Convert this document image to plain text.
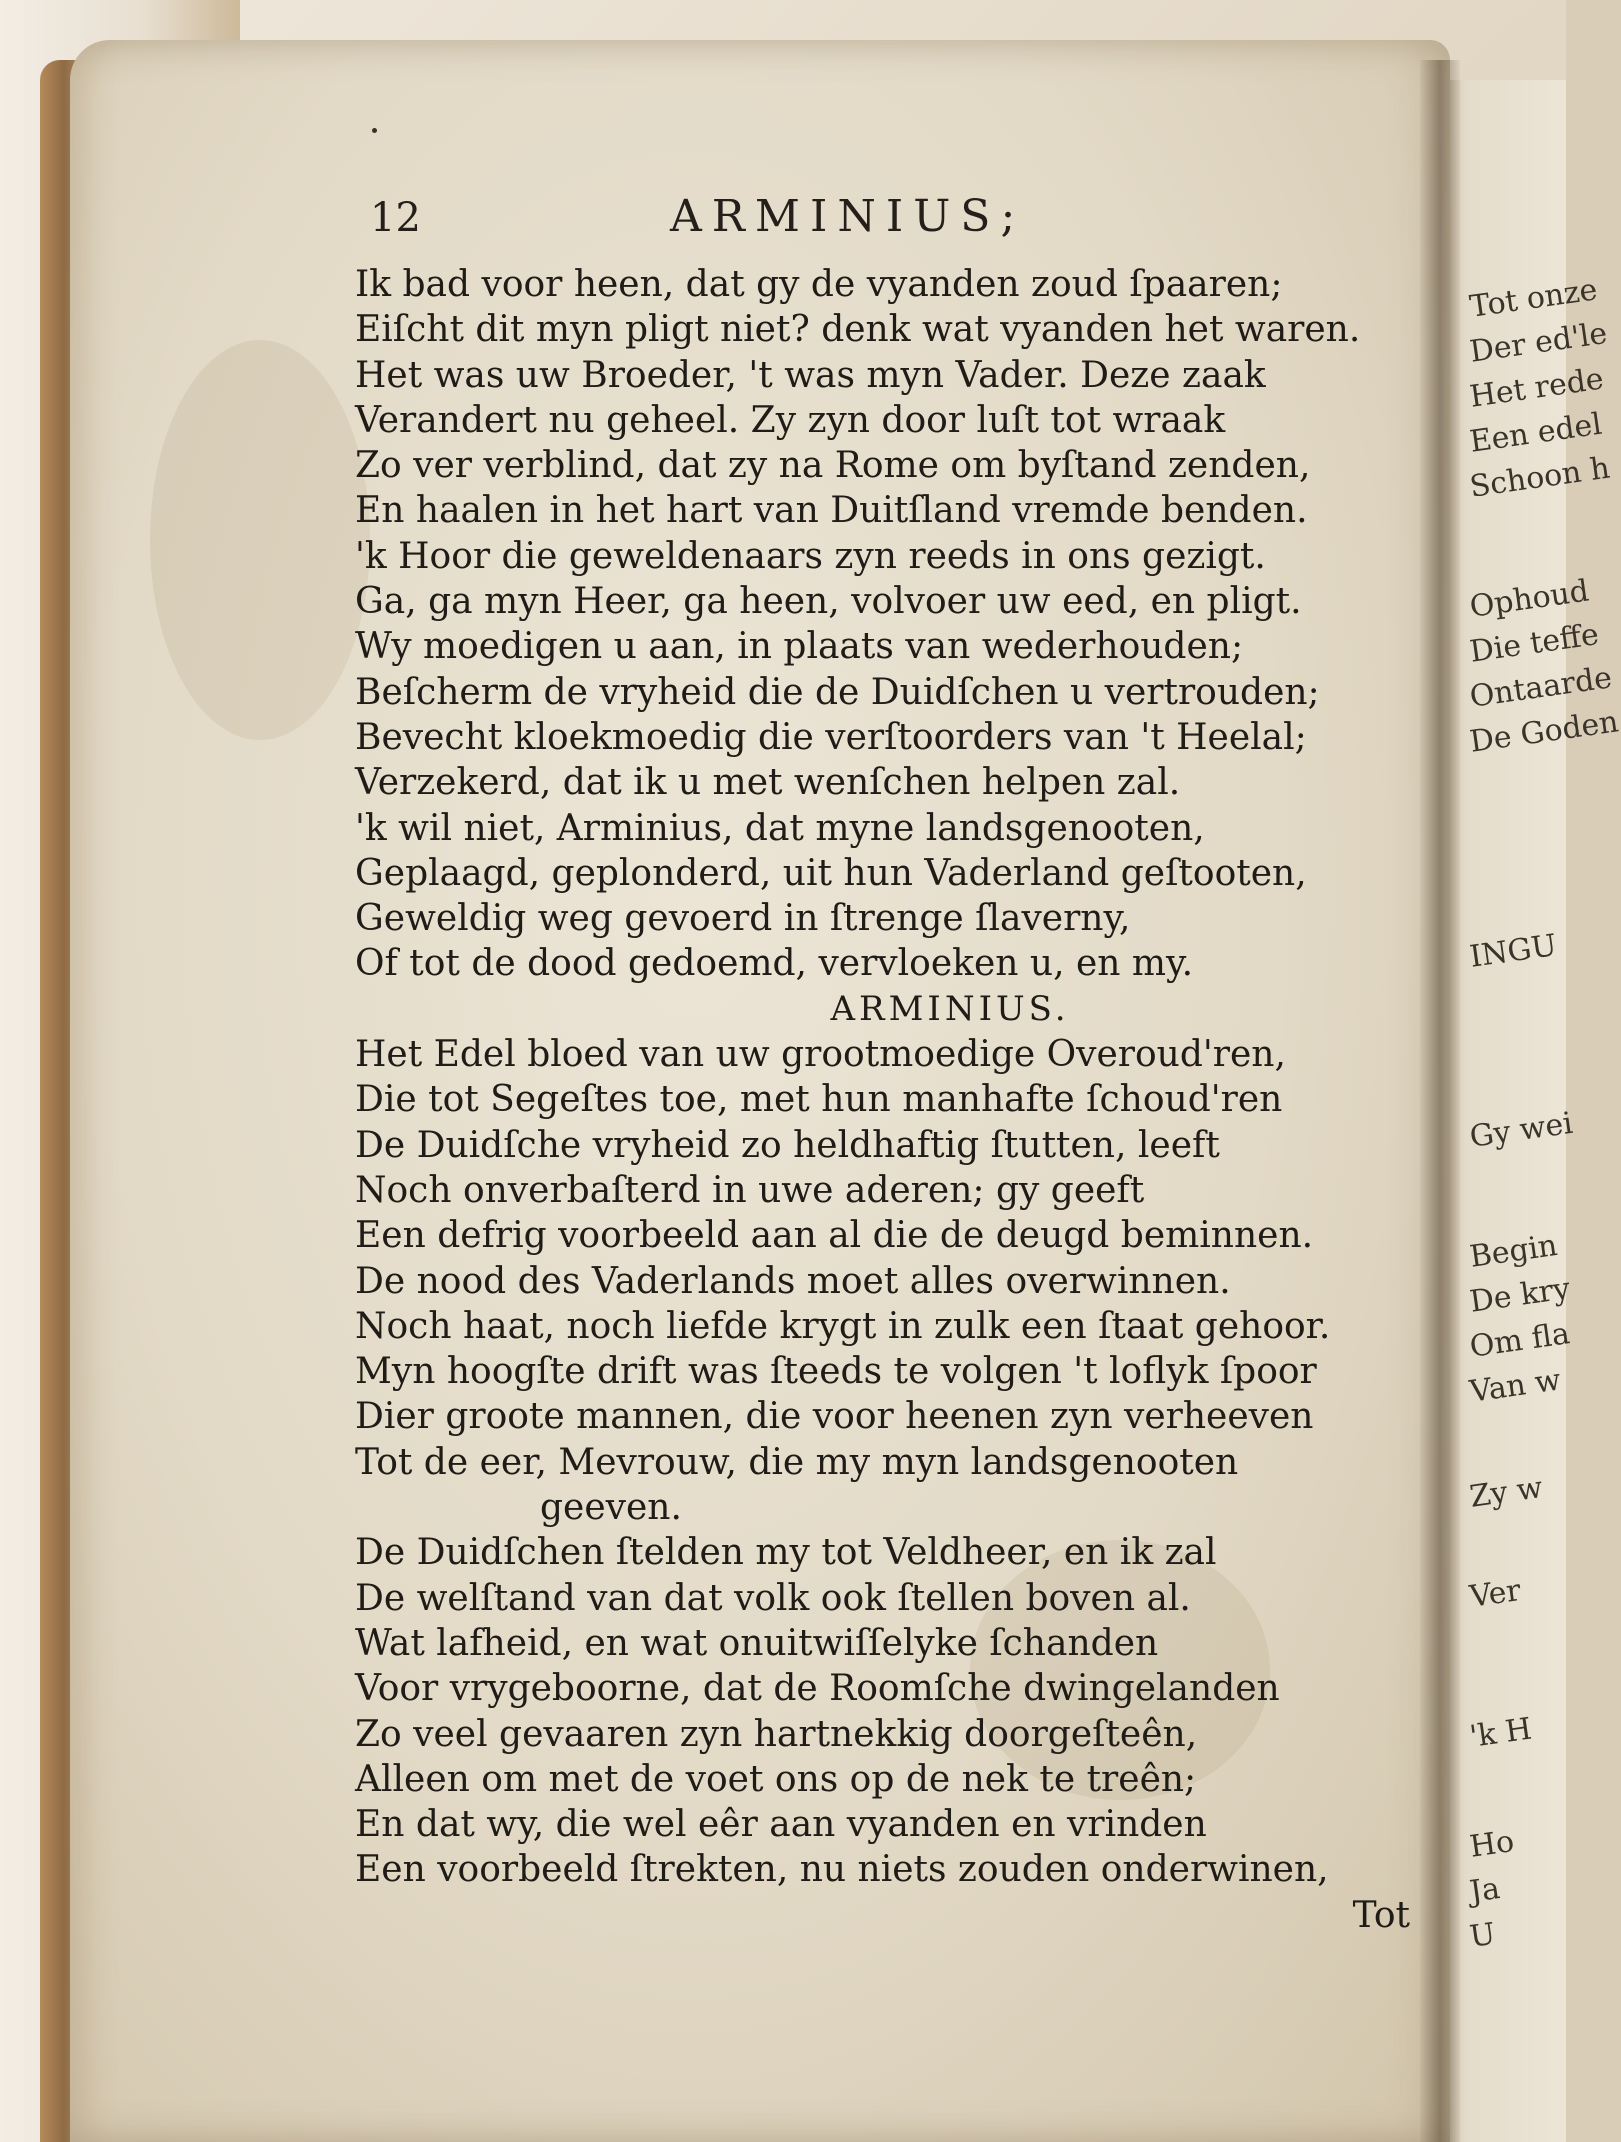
Tot onze
Der ed'le
Het rede
Een edel
Schoon h
Ophoud
Die teffe
Ontaarde
De Goden
INGU
Gy wei
Begin
De kry
Om fla
Van w
Zy w
Ver
'k H
Ho
Ja
U
12	ARMINIUS;
Ik bad voor heen, dat gy de vyanden zoud ſpaaren;
Eiſcht dit myn pligt niet? denk wat vyanden het waren.
Het was uw Broeder, 't was myn Vader. Deze zaak
Verandert nu geheel. Zy zyn door luſt tot wraak
Zo ver verblind, dat zy na Rome om byſtand zenden,
En haalen in het hart van Duitſland vremde benden.
'k Hoor die geweldenaars zyn reeds in ons gezigt.
Ga, ga myn Heer, ga heen, volvoer uw eed, en pligt.
Wy moedigen u aan, in plaats van wederhouden;
Beſcherm de vryheid die de Duidſchen u vertrouden;
Bevecht kloekmoedig die verſtoorders van 't Heelal;
Verzekerd, dat ik u met wenſchen helpen zal.
'k wil niet, Arminius, dat myne landsgenooten,
Geplaagd, geplonderd, uit hun Vaderland geſtooten,
Geweldig weg gevoerd in ſtrenge ſlaverny,
Of tot de dood gedoemd, vervloeken u, en my.
ARMINIUS.
Het Edel bloed van uw grootmoedige Overoud'ren,
Die tot Segeſtes toe, met hun manhafte ſchoud'ren
De Duidſche vryheid zo heldhaftig ſtutten, leeft
Noch onverbaſterd in uwe aderen; gy geeft
Een defrig voorbeeld aan al die de deugd beminnen.
De nood des Vaderlands moet alles overwinnen.
Noch haat, noch liefde krygt in zulk een ſtaat gehoor.
Myn hoogſte drift was ſteeds te volgen 't loflyk ſpoor
Dier groote mannen, die voor heenen zyn verheeven
Tot de eer, Mevrouw, die my myn landsgenooten
geeven.
De Duidſchen ſtelden my tot Veldheer, en ik zal
De welſtand van dat volk ook ſtellen boven al.
Wat lafheid, en wat onuitwiſſelyke ſchanden
Voor vrygeboorne, dat de Roomſche dwingelanden
Zo veel gevaaren zyn hartnekkig doorgeſteên,
Alleen om met de voet ons op de nek te treên;
En dat wy, die wel eêr aan vyanden en vrinden
Een voorbeeld ſtrekten, nu niets zouden onderwinen,
Tot
